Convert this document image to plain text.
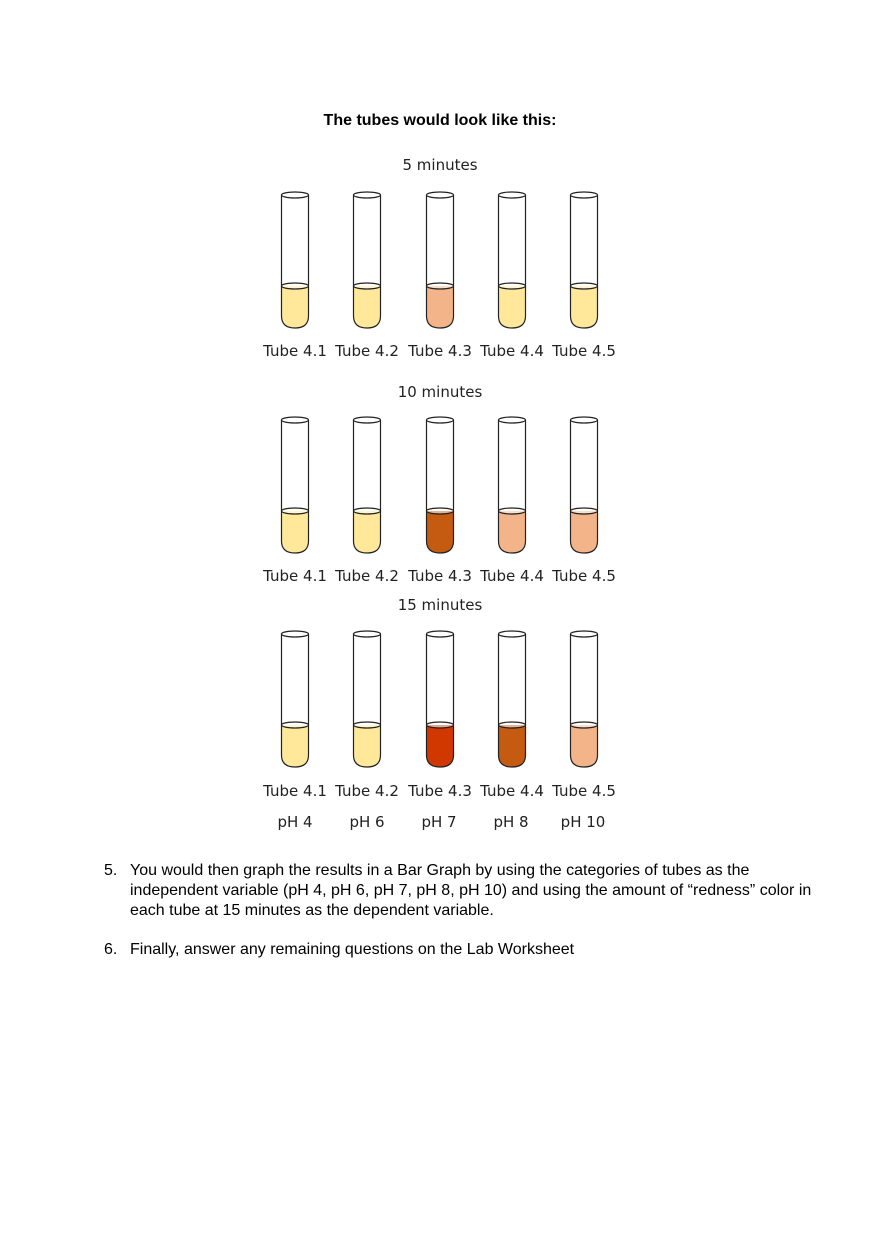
The tubes would look like this:
5 minutes
Tube 4.1 Tube 4.2 Tube 4.3 Tube 4.4 Tube 4.5
10 minutes
Tube 4.1 Tube 4.2 Tube 4.3 Tube 4.4 Tube 4.5
15 minutes
Tube 4.1 Tube 4.2 Tube 4.3 Tube 4.4 Tube 4.5
pH 4	pH 6	pH 7	pH 8	pH 10
5. You would then graph the results in a Bar Graph by using the categories of tubes as the independent variable (pH 4, pH 6, pH 7, pH 8, pH 10) and using the amount of “redness” color in each tube at 15 minutes as the dependent variable.
6. Finally, answer any remaining questions on the Lab Worksheet
